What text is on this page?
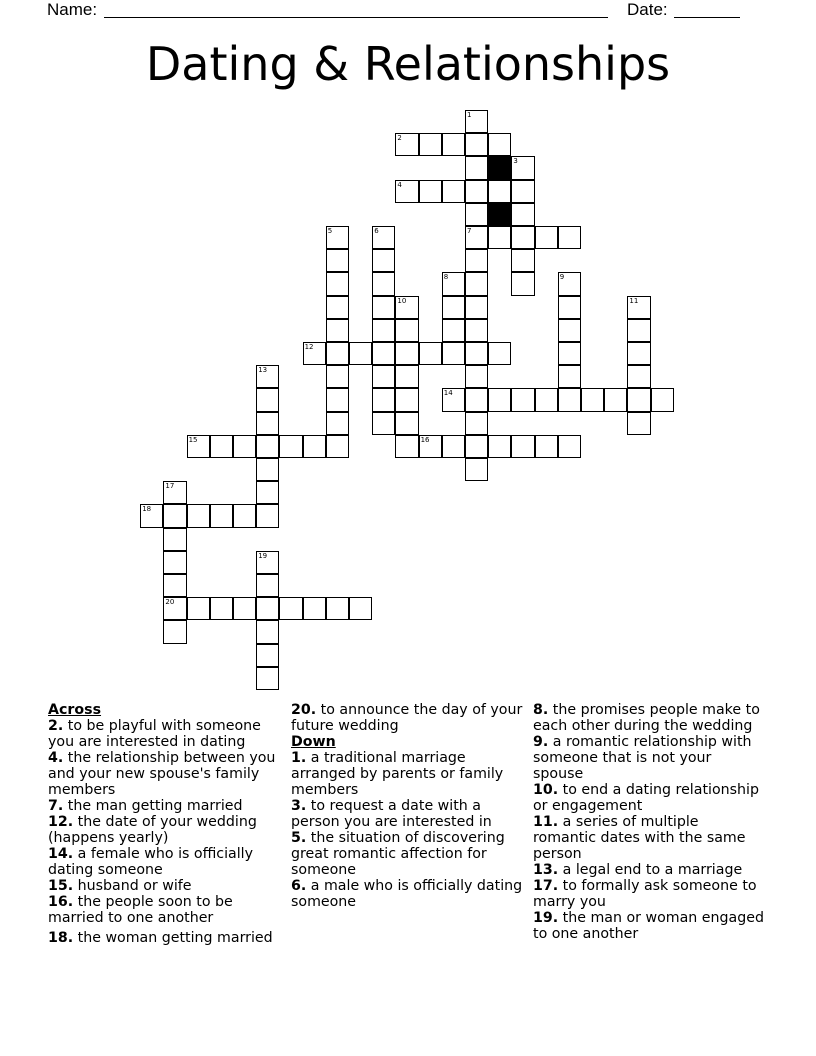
Name:	Date:
Dating & Relationships
1
2
3
4
5	6	7
8	9
10	11
12
13
14
15	16
17
18
19
20
Across
2. to be playful with someone you are interested in dating
4. the relationship between you and your new spouse's family members
7. the man getting married
12. the date of your wedding (happens yearly)
14. a female who is officially dating someone
15. husband or wife
16. the people soon to be married to one another
18. the woman getting married
20. to announce the day of your future wedding
Down
1. a traditional marriage arranged by parents or family members
3. to request a date with a person you are interested in
5. the situation of discovering great romantic affection for someone
6. a male who is officially dating someone
8. the promises people make to each other during the wedding
9. a romantic relationship with someone that is not your spouse
10. to end a dating relationship or engagement
11. a series of multiple romantic dates with the same person
13. a legal end to a marriage
17. to formally ask someone to marry you
19. the man or woman engaged to one another
